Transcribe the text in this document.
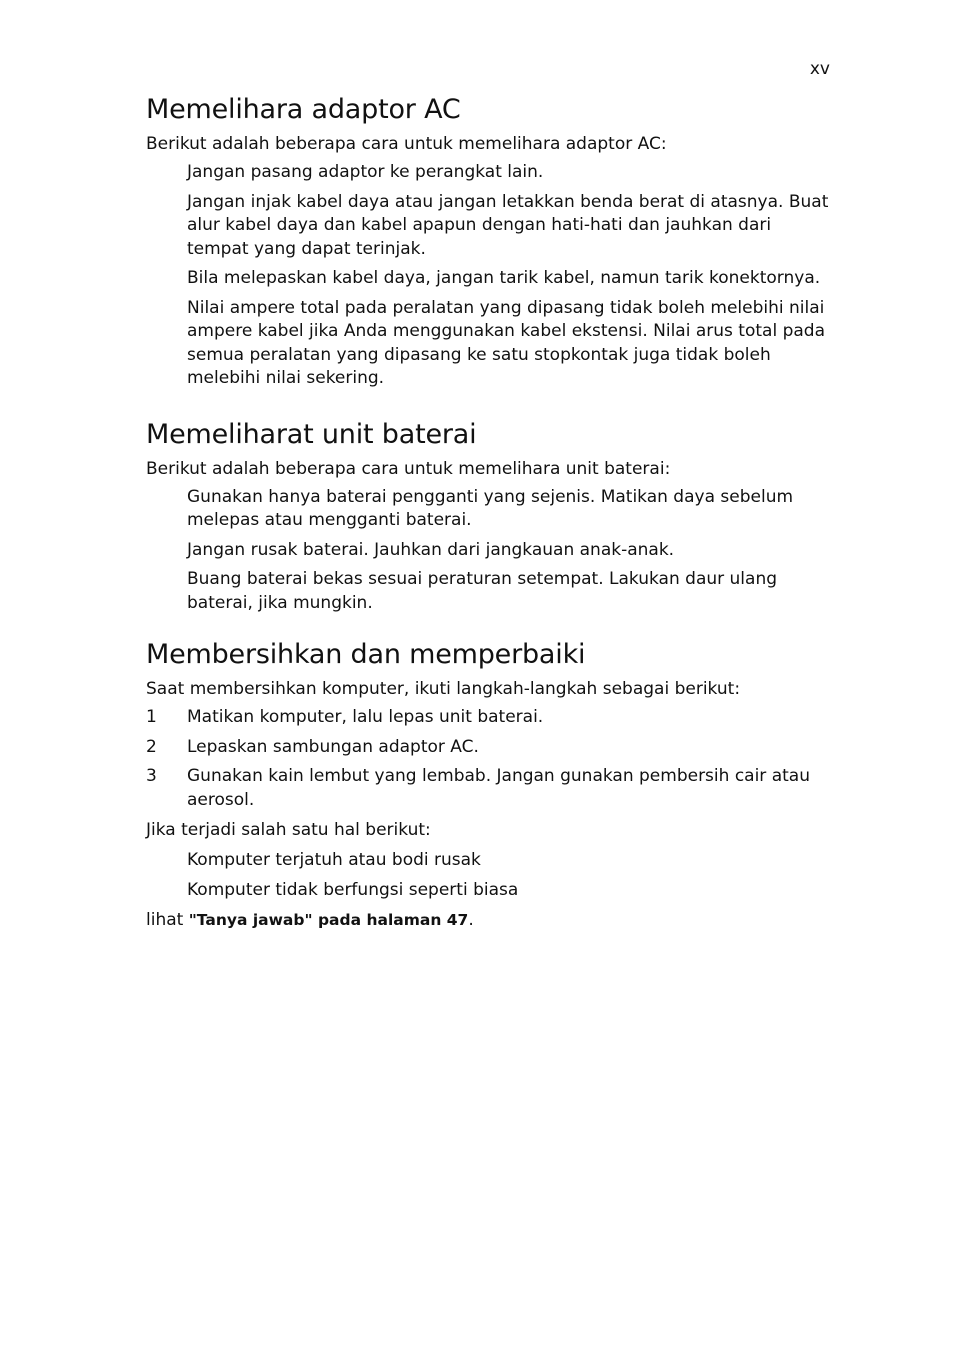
xv
Memelihara adaptor AC

Berikut adalah beberapa cara untuk memelihara adaptor AC:

Jangan pasang adaptor ke perangkat lain.

Jangan injak kabel daya atau jangan letakkan benda berat di atasnya. Buat alur kabel daya dan kabel apapun dengan hati-hati dan jauhkan dari tempat yang dapat terinjak.

Bila melepaskan kabel daya, jangan tarik kabel, namun tarik konektornya.

Nilai ampere total pada peralatan yang dipasang tidak boleh melebihi nilai ampere kabel jika Anda menggunakan kabel ekstensi. Nilai arus total pada semua peralatan yang dipasang ke satu stopkontak juga tidak boleh melebihi nilai sekering.

Memeliharat unit baterai

Berikut adalah beberapa cara untuk memelihara unit baterai:

Gunakan hanya baterai pengganti yang sejenis. Matikan daya sebelum melepas atau mengganti baterai.

Jangan rusak baterai. Jauhkan dari jangkauan anak-anak.

Buang baterai bekas sesuai peraturan setempat. Lakukan daur ulang baterai, jika mungkin.

Membersihkan dan memperbaiki

Saat membersihkan komputer, ikuti langkah-langkah sebagai berikut:

1	Matikan komputer, lalu lepas unit baterai.
2	Lepaskan sambungan adaptor AC.
3	Gunakan kain lembut yang lembab. Jangan gunakan pembersih cair atau aerosol.

Jika terjadi salah satu hal berikut:

Komputer terjatuh atau bodi rusak

Komputer tidak berfungsi seperti biasa

lihat "Tanya jawab" pada halaman 47.
